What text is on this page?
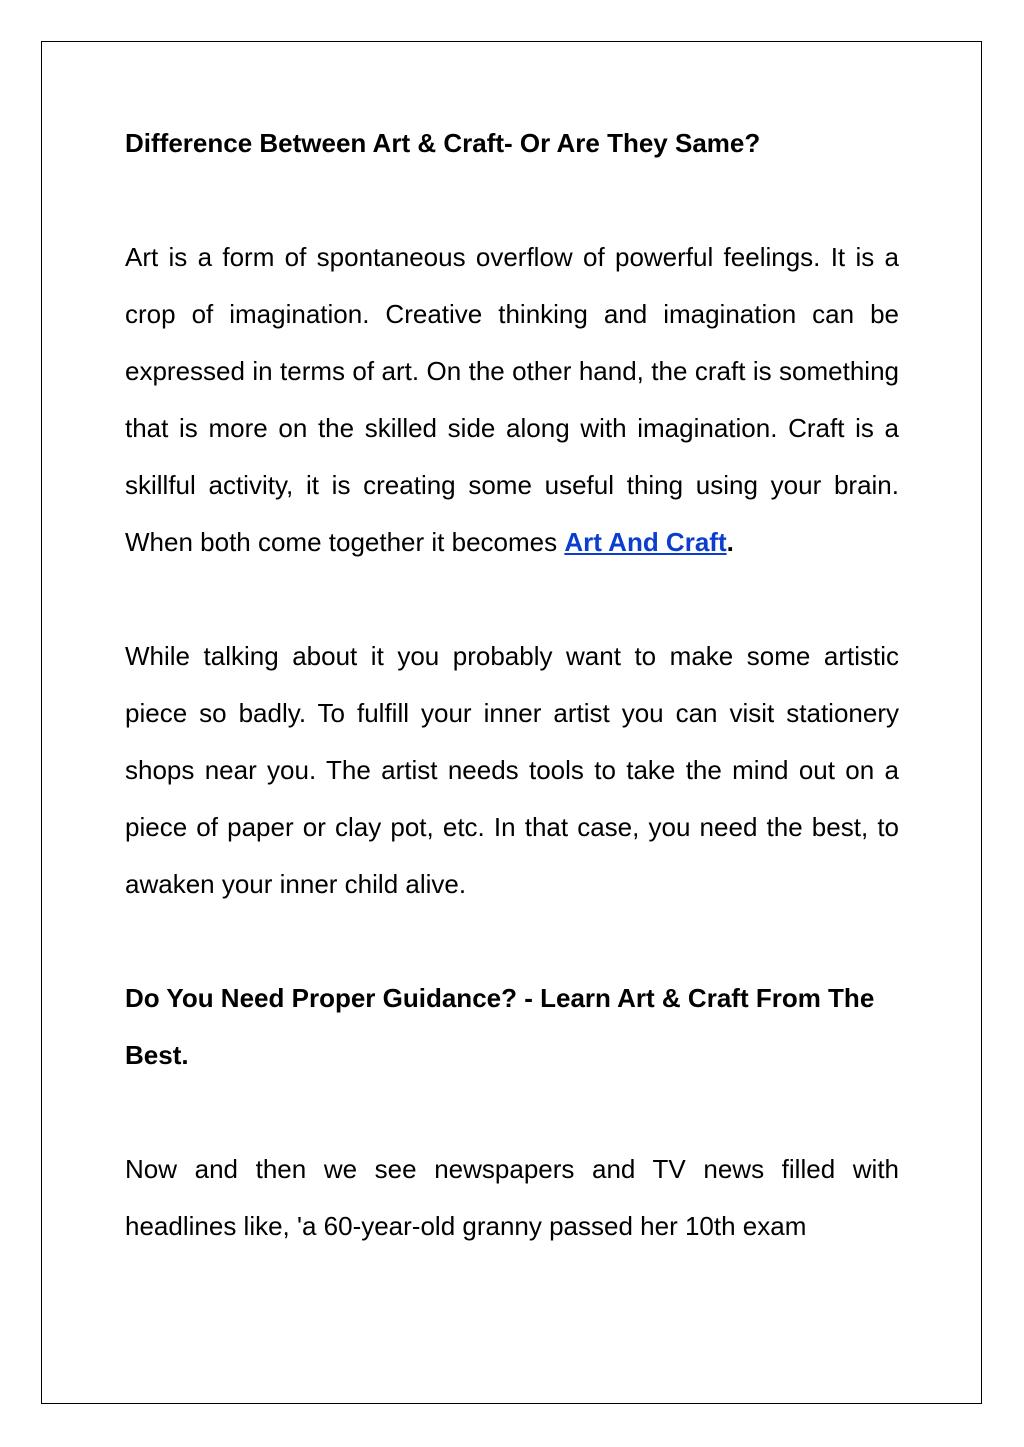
Difference Between Art & Craft- Or Are They Same?

Art is a form of spontaneous overflow of powerful feelings. It is a crop of imagination. Creative thinking and imagination can be expressed in terms of art. On the other hand, the craft is something that is more on the skilled side along with imagination. Craft is a skillful activity, it is creating some useful thing using your brain. When both come together it becomes Art And Craft.

While talking about it you probably want to make some artistic piece so badly. To fulfill your inner artist you can visit stationery shops near you. The artist needs tools to take the mind out on a piece of paper or clay pot, etc. In that case, you need the best, to awaken your inner child alive.

Do You Need Proper Guidance? - Learn Art & Craft From The Best.

Now and then we see newspapers and TV news filled with headlines like, 'a 60-year-old granny passed her 10th exam
